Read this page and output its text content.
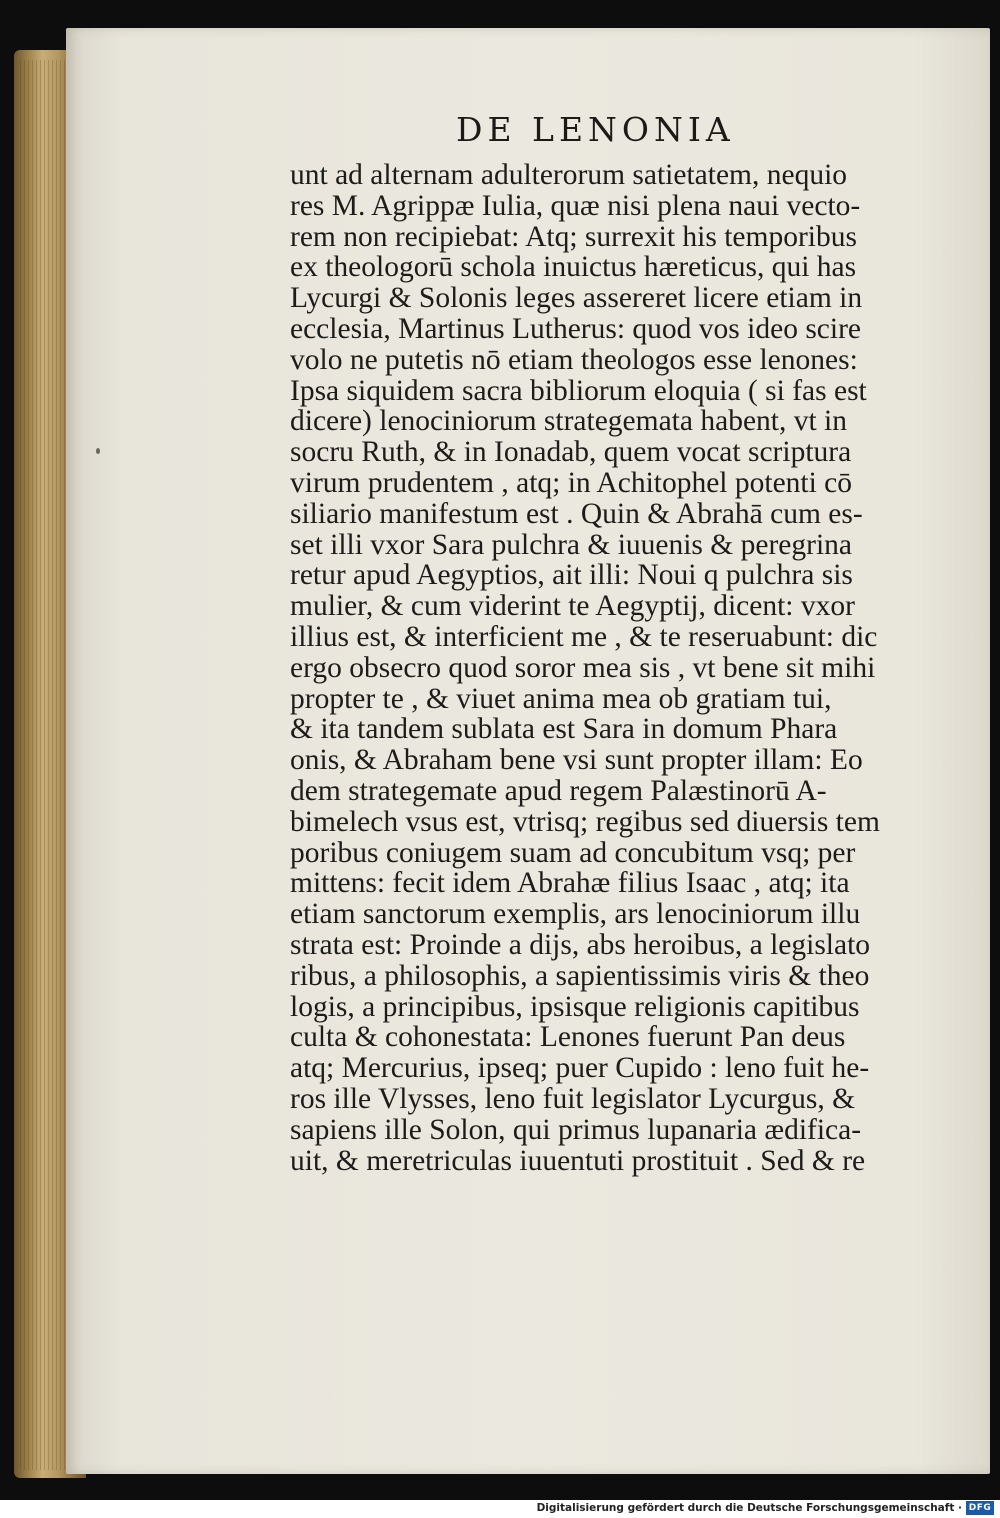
DE LENONIA
unt ad alternam adulterorum satietatem, nequio
res M. Agrippæ Iulia, quæ nisi plena naui vecto-
rem non recipiebat: Atq; surrexit his temporibus
ex theologorū schola inuictus hæreticus, qui has
Lycurgi & Solonis leges assereret licere etiam in
ecclesia, Martinus Lutherus: quod vos ideo scire
volo ne putetis nō etiam theologos esse lenones:
Ipsa siquidem sacra bibliorum eloquia ( si fas est
dicere) lenociniorum strategemata habent, vt in
socru Ruth, & in Ionadab, quem vocat scriptura
virum prudentem , atq; in Achitophel potenti cō
siliario manifestum est . Quin & Abrahā cum es-
set illi vxor Sara pulchra & iuuenis & peregrina
retur apud Aegyptios, ait illi: Noui q pulchra sis
mulier, & cum viderint te Aegyptij, dicent: vxor
illius est, & interficient me , & te reseruabunt: dic
ergo obsecro quod soror mea sis , vt bene sit mihi
propter te , & viuet anima mea ob gratiam tui,
& ita tandem sublata est Sara in domum Phara
onis, & Abraham bene vsi sunt propter illam: Eo
dem strategemate apud regem Palæstinorū A-
bimelech vsus est, vtrisq; regibus sed diuersis tem
poribus coniugem suam ad concubitum vsq; per
mittens: fecit idem Abrahæ filius Isaac , atq; ita
etiam sanctorum exemplis, ars lenociniorum illu
strata est: Proinde a dijs, abs heroibus, a legislato
ribus, a philosophis, a sapientissimis viris & theo
logis, a principibus, ipsisque religionis capitibus
culta & cohonestata: Lenones fuerunt Pan deus
atq; Mercurius, ipseq; puer Cupido : leno fuit he-
ros ille Vlysses, leno fuit legislator Lycurgus, &
sapiens ille Solon, qui primus lupanaria ædifica-
uit, & meretriculas iuuentuti prostituit . Sed & re
Digitalisierung gefördert durch die Deutsche Forschungsgemeinschaft · DFG
